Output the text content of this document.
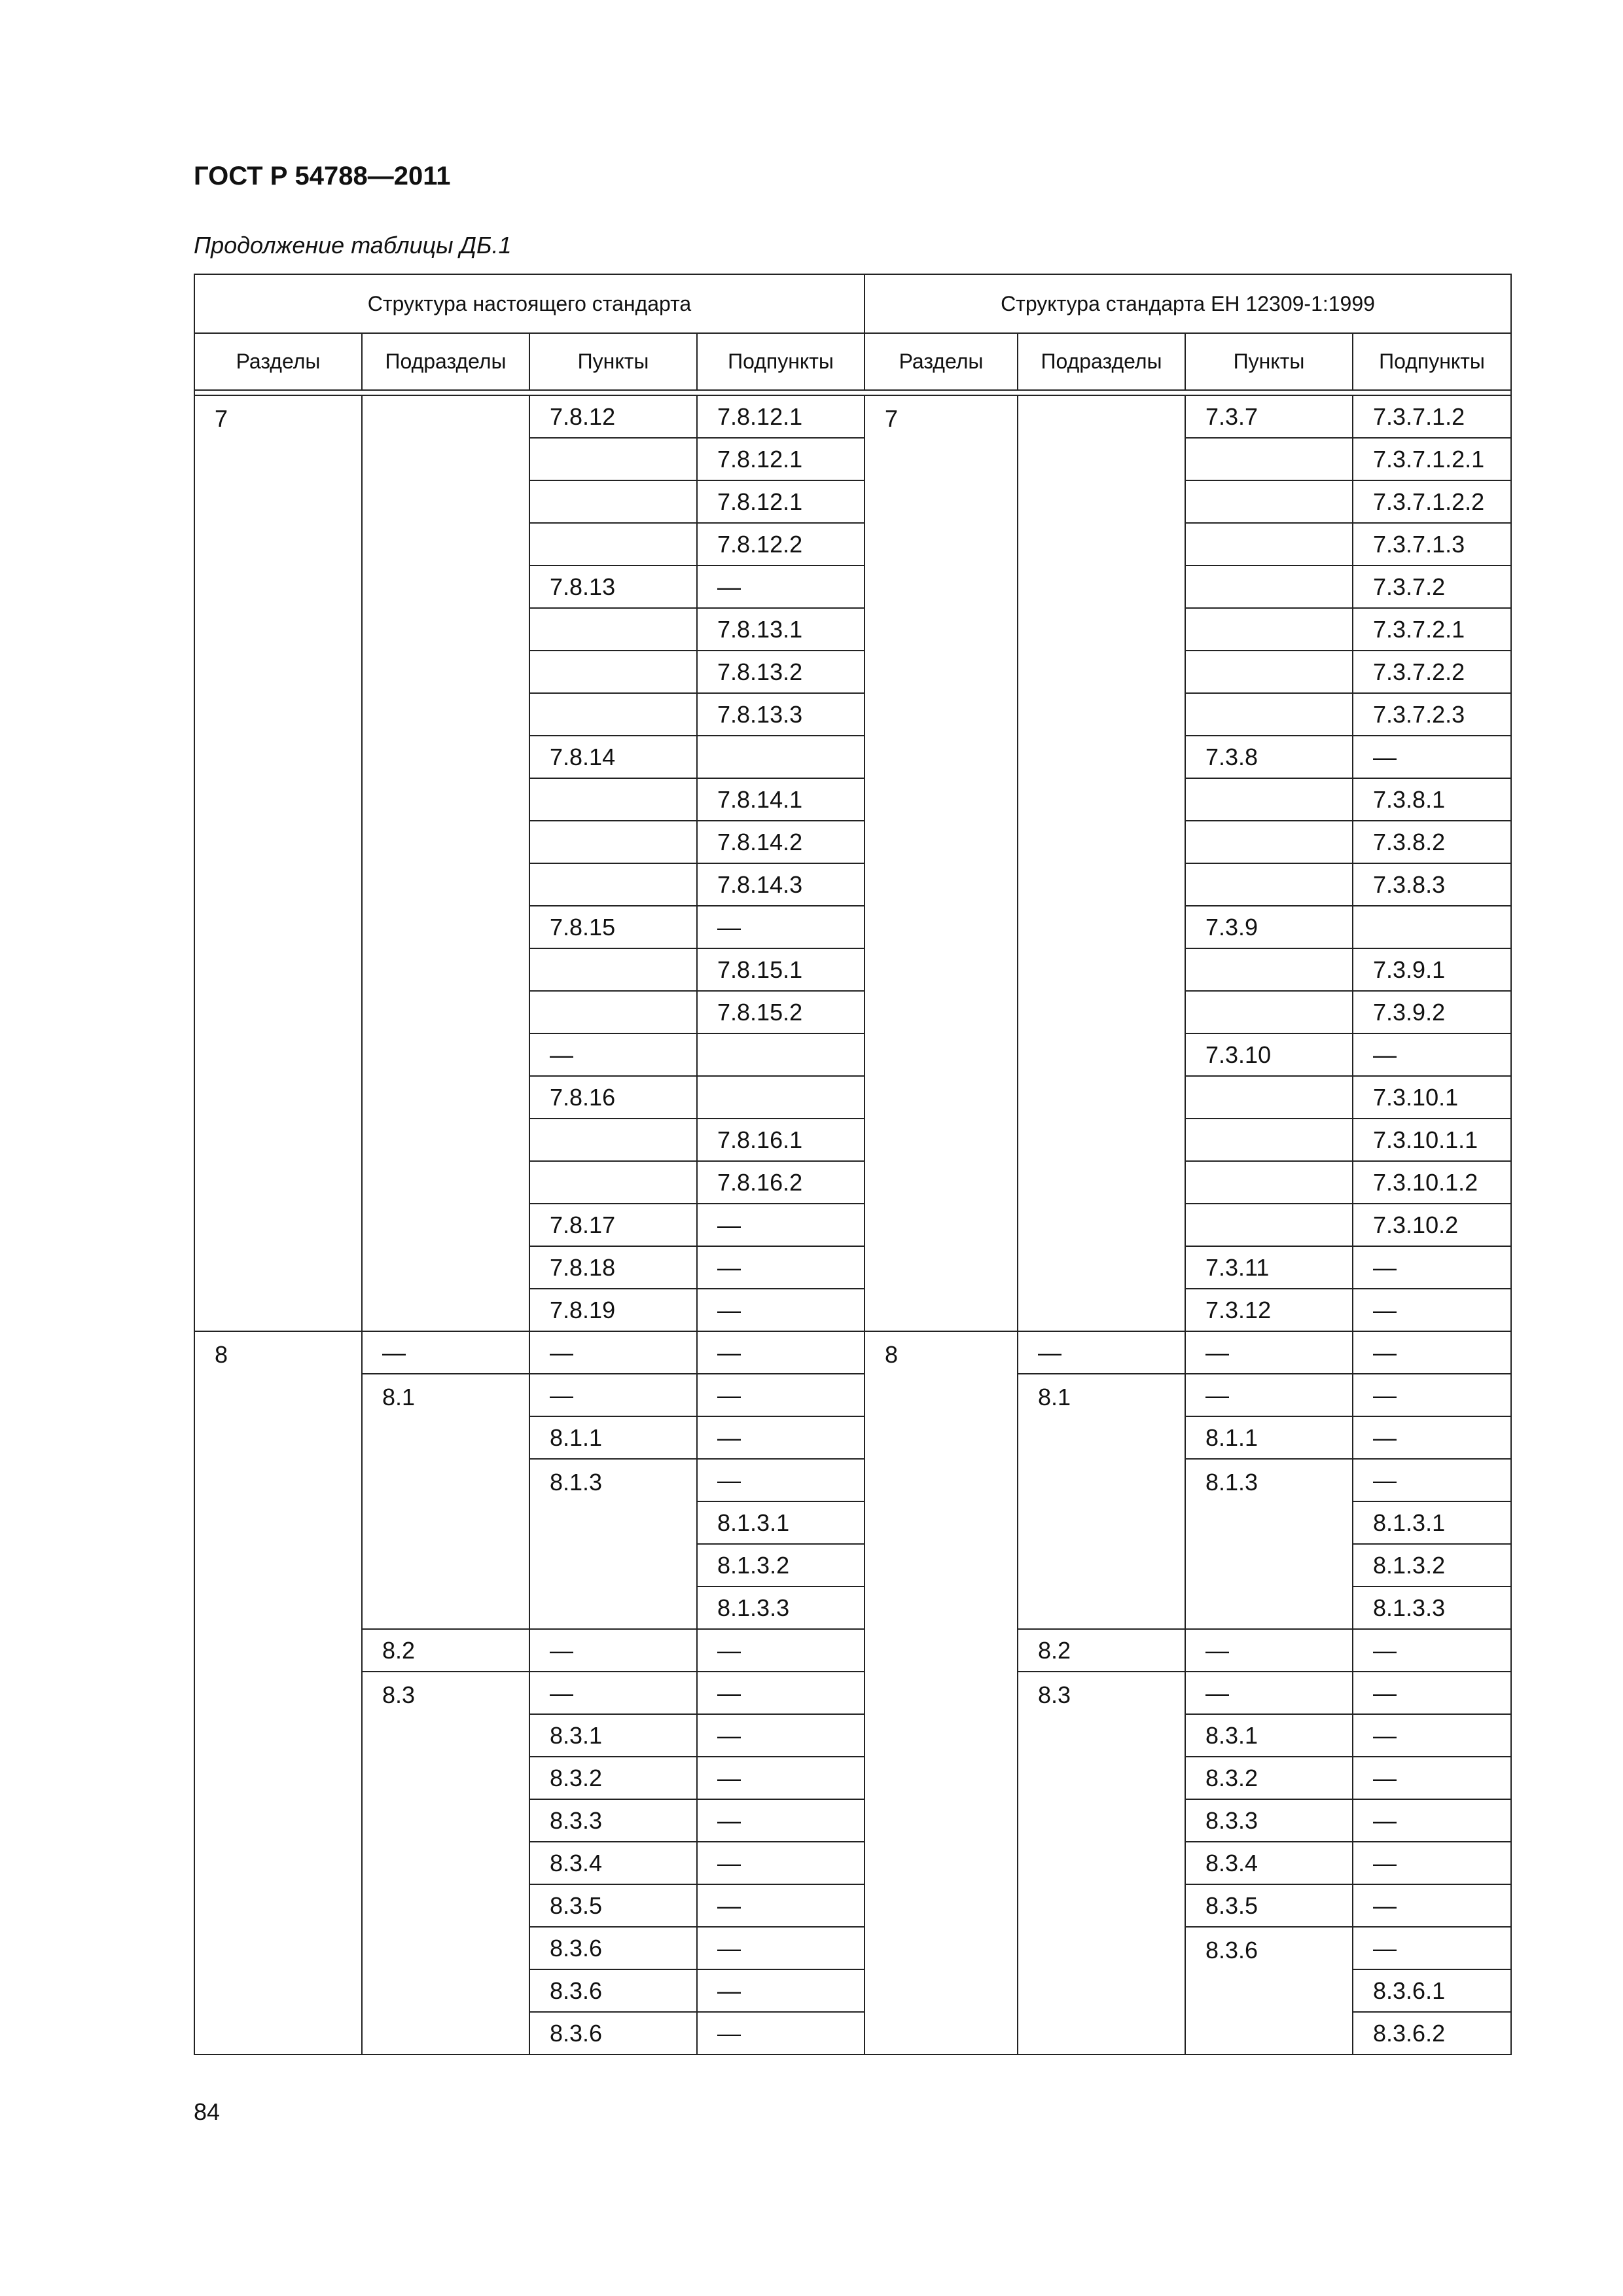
ГОСТ Р 54788—2011

Продолжение таблицы ДБ.1

Структура настоящего стандарта				Структура стандарта ЕН 12309-1:1999			
Разделы	Подразделы	Пункты	Подпункты	Разделы	Подразделы	Пункты	Подпункты

7		7.8.12	7.8.12.1	7		7.3.7	7.3.7.1.2
			7.8.12.1				7.3.7.1.2.1
			7.8.12.1				7.3.7.1.2.2
			7.8.12.2				7.3.7.1.3
		7.8.13	—				7.3.7.2
			7.8.13.1				7.3.7.2.1
			7.8.13.2				7.3.7.2.2
			7.8.13.3				7.3.7.2.3
		7.8.14				7.3.8	—
			7.8.14.1				7.3.8.1
			7.8.14.2				7.3.8.2
			7.8.14.3				7.3.8.3
		7.8.15	—			7.3.9	
			7.8.15.1				7.3.9.1
			7.8.15.2				7.3.9.2
		—				7.3.10	—
		7.8.16					7.3.10.1
			7.8.16.1				7.3.10.1.1
			7.8.16.2				7.3.10.1.2
		7.8.17	—				7.3.10.2
		7.8.18	—			7.3.11	—
		7.8.19	—			7.3.12	—
8	—	—	—	8	—	—	—
	8.1	—	—		8.1	—	—
		8.1.1	—			8.1.1	—
		8.1.3	—			8.1.3	—
			8.1.3.1				8.1.3.1
			8.1.3.2				8.1.3.2
			8.1.3.3				8.1.3.3
	8.2	—	—		8.2	—	—
	8.3	—	—		8.3	—	—
		8.3.1	—			8.3.1	—
		8.3.2	—			8.3.2	—
		8.3.3	—			8.3.3	—
		8.3.4	—			8.3.4	—
		8.3.5	—			8.3.5	—
		8.3.6	—			8.3.6	—
		8.3.6	—				8.3.6.1
		8.3.6	—				8.3.6.2

84
